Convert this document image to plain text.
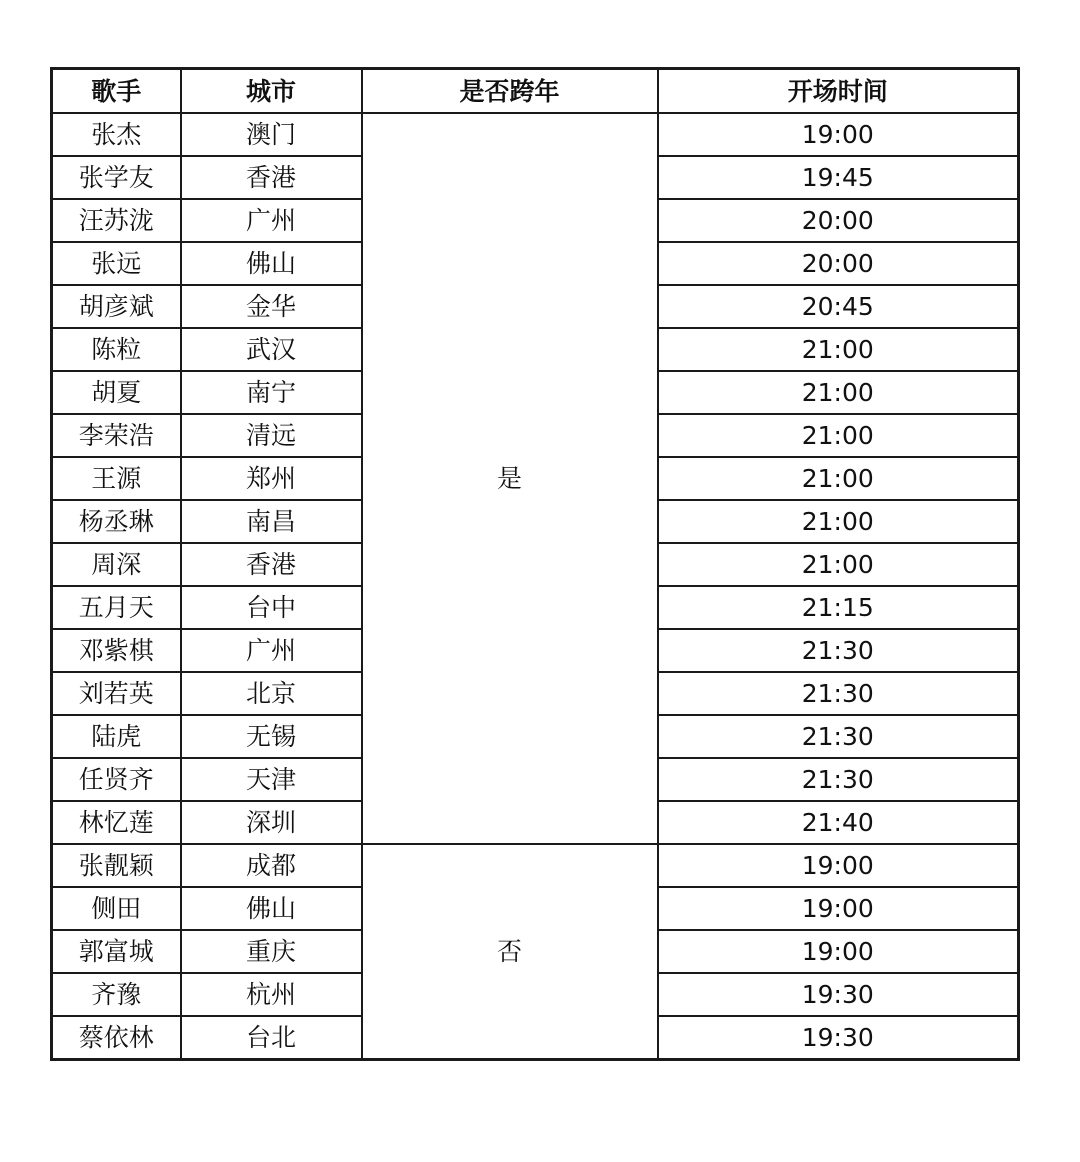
歌手	城市	是否跨年	开场时间
张杰	澳门	是	19:00
张学友	香港		19:45
汪苏泷	广州		20:00
张远	佛山		20:00
胡彦斌	金华		20:45
陈粒	武汉		21:00
胡夏	南宁		21:00
李荣浩	清远		21:00
王源	郑州		21:00
杨丞琳	南昌		21:00
周深	香港		21:00
五月天	台中		21:15
邓紫棋	广州		21:30
刘若英	北京		21:30
陆虎	无锡		21:30
任贤齐	天津		21:30
林忆莲	深圳		21:40
张靓颖	成都	否	19:00
侧田	佛山		19:00
郭富城	重庆		19:00
齐豫	杭州		19:30
蔡依林	台北		19:30
